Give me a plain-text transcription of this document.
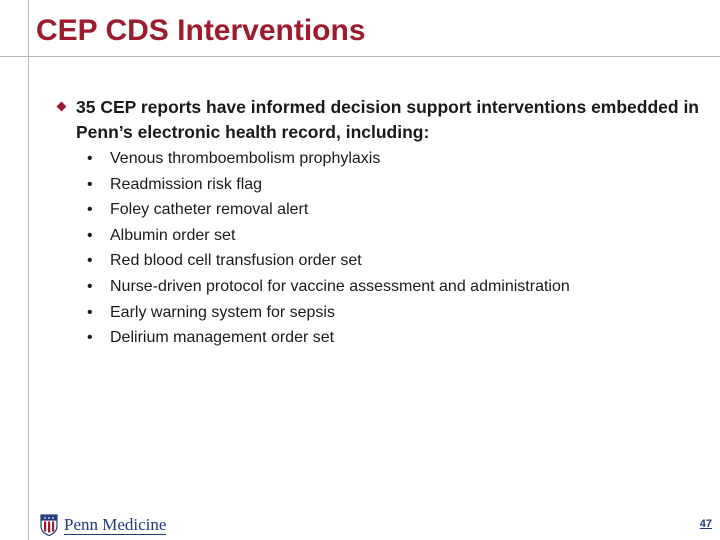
CEP CDS Interventions
35 CEP reports have informed decision support interventions embedded in Penn’s electronic health record, including:
• Venous thromboembolism prophylaxis
• Readmission risk flag
• Foley catheter removal alert
• Albumin order set
• Red blood cell transfusion order set
• Nurse-driven protocol for vaccine assessment and administration
• Early warning system for sepsis
• Delirium management order set
Penn Medicine	47
